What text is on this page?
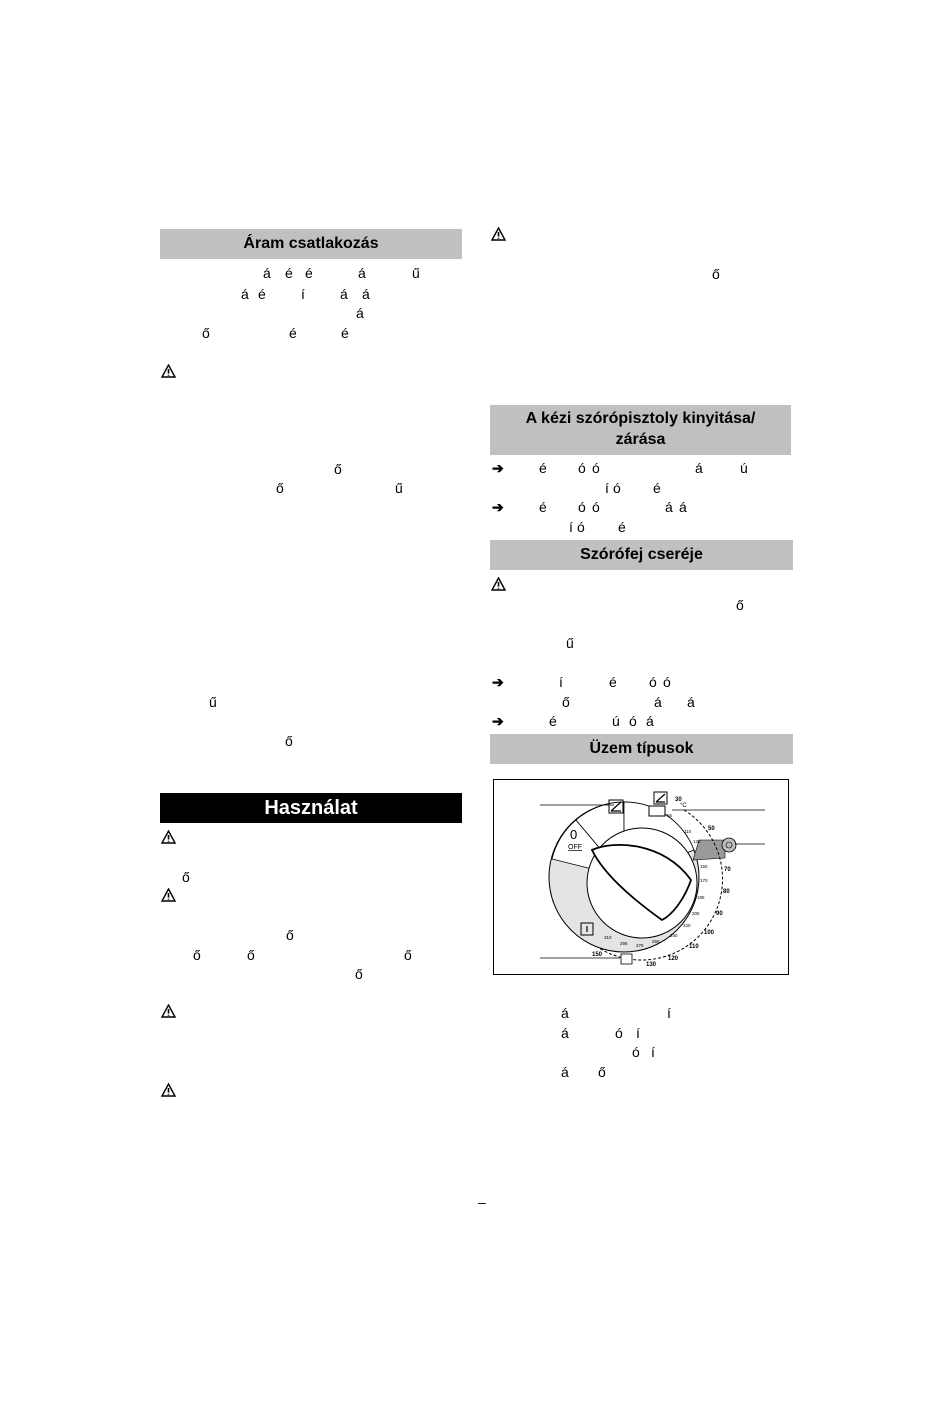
Áram csatlakozás
á é é	á	ű
á é	í	á á
á
ő	é	é
ő
ő	ű
ű
ő
Használat
ő
ő
ő	ő	ő
ő
ő
A kézi szórópisztoly kinyitása/
zárása
➔	é ó ó	á	ú
í ó é
➔	é ó ó	á á
í ó é
Szórófej cseréje
ő
ű
➔	í	é ó ó
ő	á á
➔	é	ú ó á
Üzem típusok
0
OFF
°C
30
50
70
80
90
100
110
120
130
150
65
110
130
150
170
185
205
220
240
260
275
295
310
á	í
á	ó í
ó í
á ő
–
